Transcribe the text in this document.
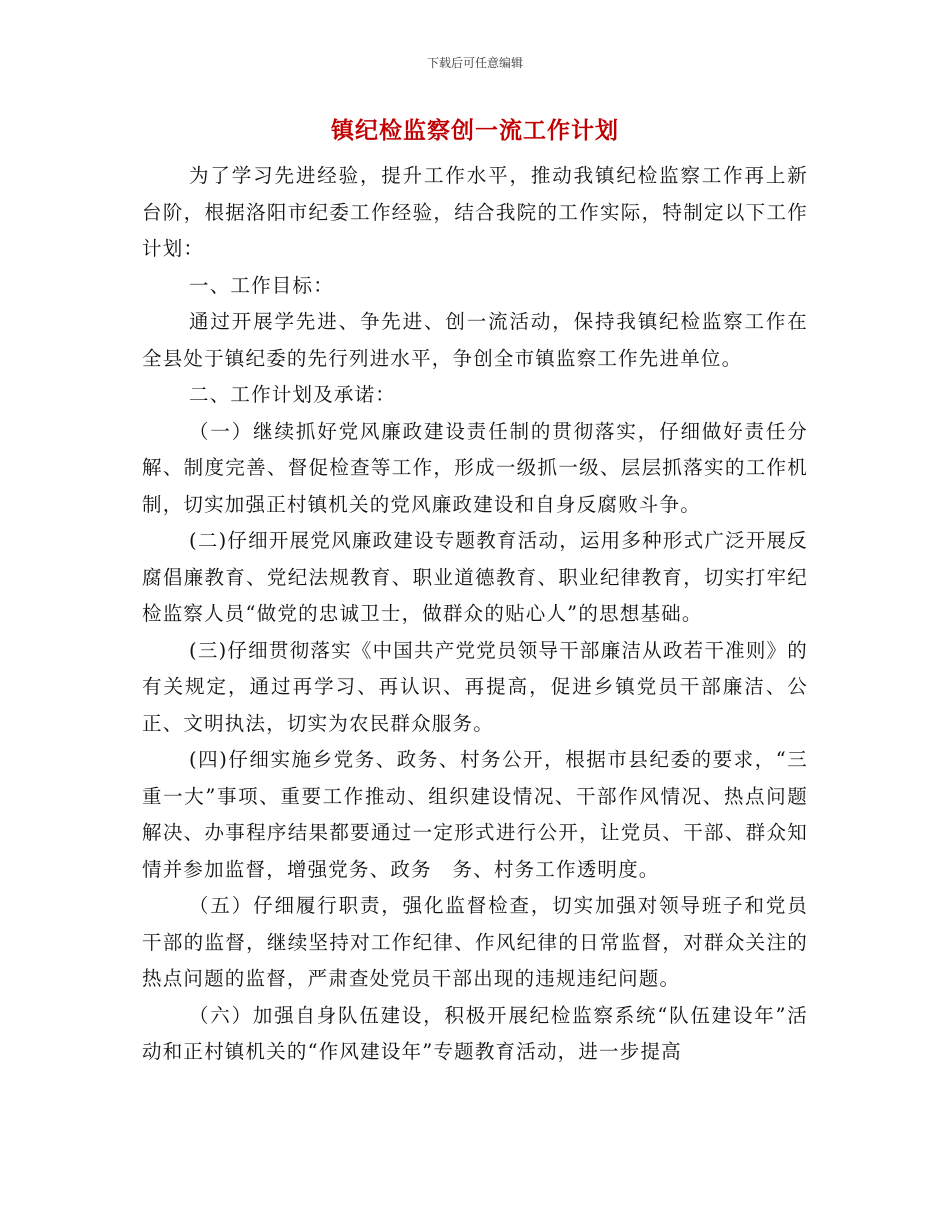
下载后可任意编辑
镇纪检监察创一流工作计划

为了学习先进经验，提升工作水平，推动我镇纪检监察工作再上新台阶，根据洛阳市纪委工作经验，结合我院的工作实际，特制定以下工作计划：

一、工作目标：

通过开展学先进、争先进、创一流活动，保持我镇纪检监察工作在全县处于镇纪委的先行列进水平，争创全市镇监察工作先进单位。

二、工作计划及承诺：

（一）继续抓好党风廉政建设责任制的贯彻落实，仔细做好责任分解、制度完善、督促检查等工作，形成一级抓一级、层层抓落实的工作机制，切实加强正村镇机关的党风廉政建设和自身反腐败斗争。

(二)仔细开展党风廉政建设专题教育活动，运用多种形式广泛开展反腐倡廉教育、党纪法规教育、职业道德教育、职业纪律教育，切实打牢纪检监察人员“做党的忠诚卫士，做群众的贴心人”的思想基础。

(三)仔细贯彻落实《中国共产党党员领导干部廉洁从政若干准则》的有关规定，通过再学习、再认识、再提高，促进乡镇党员干部廉洁、公正、文明执法，切实为农民群众服务。

(四)仔细实施乡党务、政务、村务公开，根据市县纪委的要求，“三重一大”事项、重要工作推动、组织建设情况、干部作风情况、热点问题解决、办事程序结果都要通过一定形式进行公开，让党员、干部、群众知情并参加监督，增强党务、政务　务、村务工作透明度。

（五）仔细履行职责，强化监督检查，切实加强对领导班子和党员干部的监督，继续坚持对工作纪律、作风纪律的日常监督，对群众关注的热点问题的监督，严肃查处党员干部出现的违规违纪问题。

（六）加强自身队伍建设，积极开展纪检监察系统“队伍建设年”活动和正村镇机关的“作风建设年”专题教育活动，进一步提高
